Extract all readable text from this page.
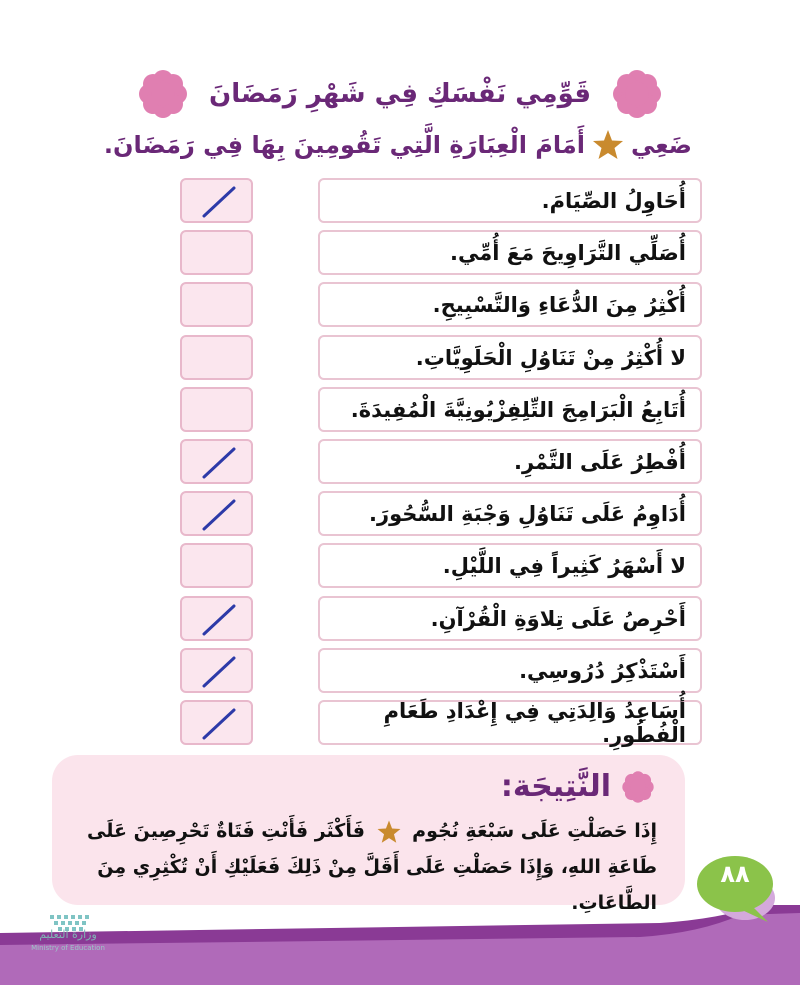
قَوِّمِي نَفْسَكِ فِي شَهْرِ رَمَضَانَ
ضَعِي
أَمَامَ الْعِبَارَةِ الَّتِي تَقُومِينَ بِهَا فِي رَمَضَانَ.
أُحَاوِلُ الصِّيَامَ.
أُصَلِّي التَّرَاوِيحَ مَعَ أُمِّي.
أُكْثِرُ مِنَ الدُّعَاءِ وَالتَّسْبِيحِ.
لا أُكْثِرُ مِنْ تَنَاوُلِ الْحَلَوِيَّاتِ.
أُتَابِعُ الْبَرَامِجَ التِّلِفِزْيُونِيَّةَ الْمُفِيدَةَ.
أُفْطِرُ عَلَى التَّمْرِ.
أُدَاوِمُ عَلَى تَنَاوُلِ وَجْبَةِ السُّحُورَ.
لا أَسْهَرُ كَثِيراً فِي اللَّيْلِ.
أَحْرِصُ عَلَى تِلاوَةِ الْقُرْآنِ.
أَسْتَذْكِرُ دُرُوسِي.
أُسَاعِدُ وَالِدَتِي فِي إِعْدَادِ طَعَامِ الْفُطُورِ.
النَّتِيجَة:
إِذَا حَصَلْتِ عَلَى سَبْعَةِ نُجُوم  فَأَكْثَر فَأَنْتِ فَتَاةٌ تَحْرِصِينَ عَلَى طَاعَةِ اللهِ، وَإِذَا حَصَلْتِ عَلَى أَقَلَّ مِنْ ذَلِكَ فَعَلَيْكِ أَنْ تُكْثِرِي مِنَ الطَّاعَاتِ.
٨٨
وزارة التعليم
Ministry of Education
